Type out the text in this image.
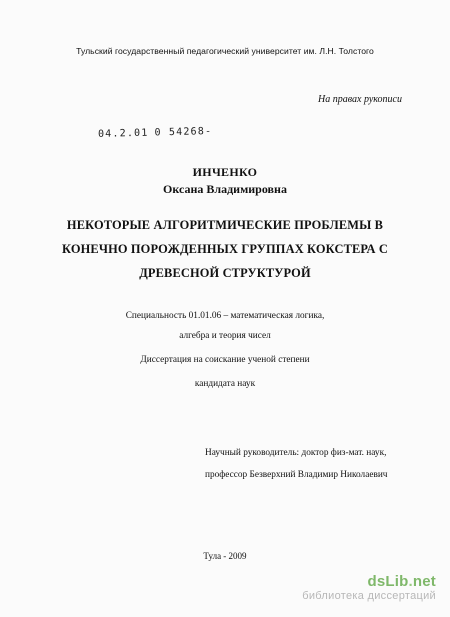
Тульский государственный педагогический университет им. Л.Н. Толстого
На правах рукописи
04.2.01 0 54268-
ИНЧЕНКО
Оксана Владимировна
НЕКОТОРЫЕ АЛГОРИТМИЧЕСКИЕ ПРОБЛЕМЫ В
КОНЕЧНО ПОРОЖДЕННЫХ ГРУППАХ КОКСТЕРА С
ДРЕВЕСНОЙ СТРУКТУРОЙ
Специальность 01.01.06 – математическая логика,
алгебра и теория чисел
Диссертация на соискание ученой степени
кандидата наук
Научный руководитель: доктор физ-мат. наук,
профессор Безверхний Владимир Николаевич
Тула - 2009
dsLib.net
библиотека диссертаций
